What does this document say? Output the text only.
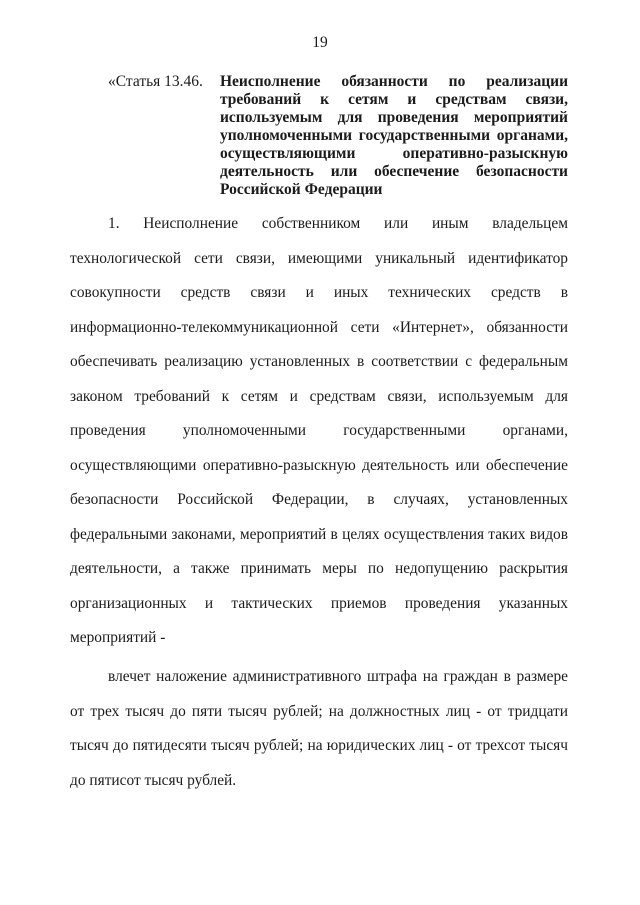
19
«Статья 13.46.	Неисполнение обязанности по реализации
требований к сетям и средствам связи,
используемым для проведения мероприятий
уполномоченными государственными органами,
осуществляющими оперативно-разыскную
деятельность или обеспечение безопасности
Российской Федерации
1. Неисполнение собственником или иным владельцем
технологической сети связи, имеющими уникальный идентификатор
совокупности средств связи и иных технических средств в
информационно-телекоммуникационной сети «Интернет», обязанности
обеспечивать реализацию установленных в соответствии с федеральным
законом требований к сетям и средствам связи, используемым для
проведения уполномоченными государственными органами,
осуществляющими оперативно-разыскную деятельность или обеспечение
безопасности Российской Федерации, в случаях, установленных
федеральными законами, мероприятий в целях осуществления таких видов
деятельности, а также принимать меры по недопущению раскрытия
организационных и тактических приемов проведения указанных
мероприятий -
влечет наложение административного штрафа на граждан в размере
от трех тысяч до пяти тысяч рублей; на должностных лиц - от тридцати
тысяч до пятидесяти тысяч рублей; на юридических лиц - от трехсот тысяч
до пятисот тысяч рублей.
